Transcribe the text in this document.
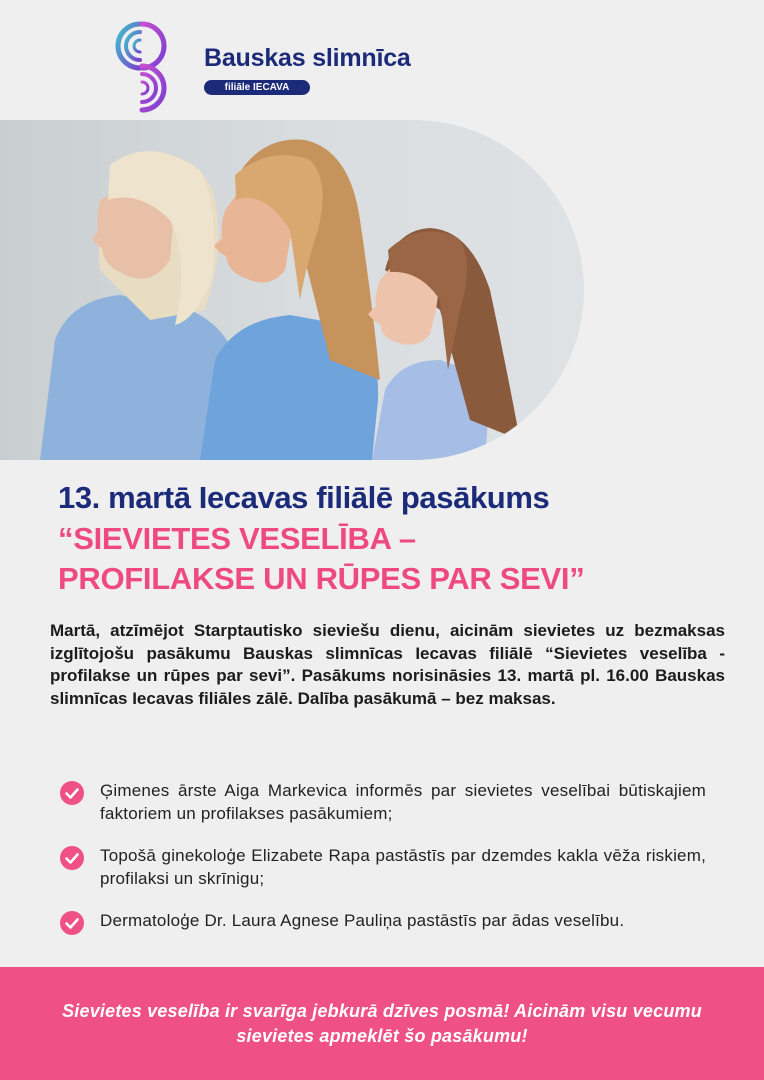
Bauskas slimnīca
filiāle IECAVA
13. martā Iecavas filiālē pasākums
“SIEVIETES VESELĪBA –
PROFILAKSE UN RŪPES PAR SEVI”

Martā, atzīmējot Starptautisko sieviešu dienu, aicinām sievietes uz bezmaksas izglītojošu pasākumu Bauskas slimnīcas Iecavas filiālē “Sievietes veselība - profilakse un rūpes par sevi”. Pasākums norisināsies 13. martā pl. 16.00 Bauskas slimnīcas Iecavas filiāles zālē. Dalība pasākumā – bez maksas.

Ģimenes ārste Aiga Markevica informēs par sievietes veselībai būtiskajiem faktoriem un profilakses pasākumiem;
Topošā ginekoloģe Elizabete Rapa pastāstīs par dzemdes kakla vēža riskiem, profilaksi un skrīnigu;
Dermatoloģe Dr. Laura Agnese Pauliņa pastāstīs par ādas veselību.

Sievietes veselība ir svarīga jebkurā dzīves posmā! Aicinām visu vecumu sievietes apmeklēt šo pasākumu!
